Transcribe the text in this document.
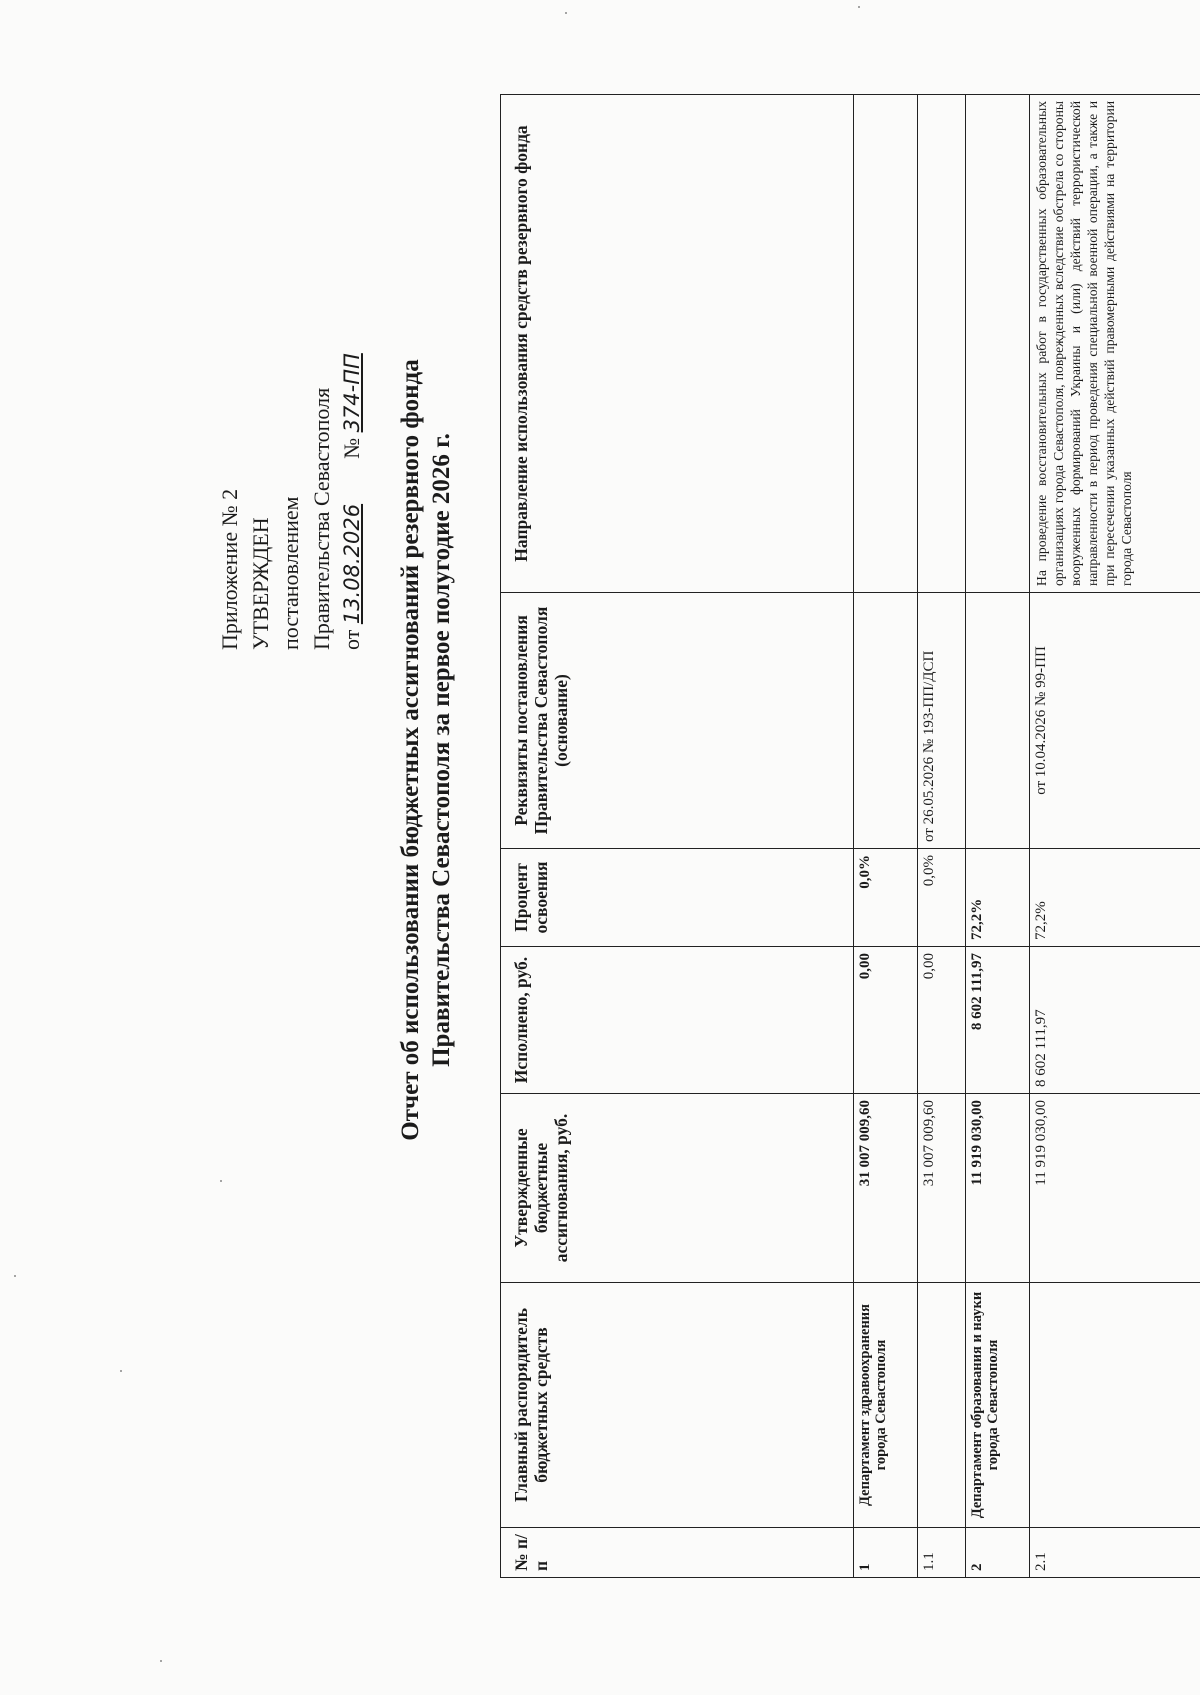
Приложение № 2 УТВЕРЖДЕН постановлением Правительства Севастополя от 13.08.2026  № 374-ПП Отчет об использовании бюджетных ассигнований резервного фонда Правительства Севастополя за первое полугодие 2026 г.
№ п/п	Главный распорядитель бюджетных средств	Утвержденные бюджетные ассигнования, руб.	Исполнено, руб.	Процент освоения	Реквизиты постановления Правительства Севастополя (основание)	Направление использования средств резервного фонда
1	Департамент здравоохранения города Севастополя	31 007 009,60	0,00	0,0%		
1.1		31 007 009,60	0,00	0,0%	от 26.05.2026 № 193-ПП/ДСП	
2	Департамент образования и науки города Севастополя	11 919 030,00	8 602 111,97	72,2%		
2.1		11 919 030,00	8 602 111,97	72,2%	от 10.04.2026 № 99-ПП	На проведение восстановительных работ в государственных образовательных организациях города Севастополя, поврежденных вследствие обстрела со стороны вооруженных формирований Украины и (или) действий террористической направленности в период проведения специальной военной операции, а также и при пересечении указанных действий правомерными действиями на территории города Севастополя
